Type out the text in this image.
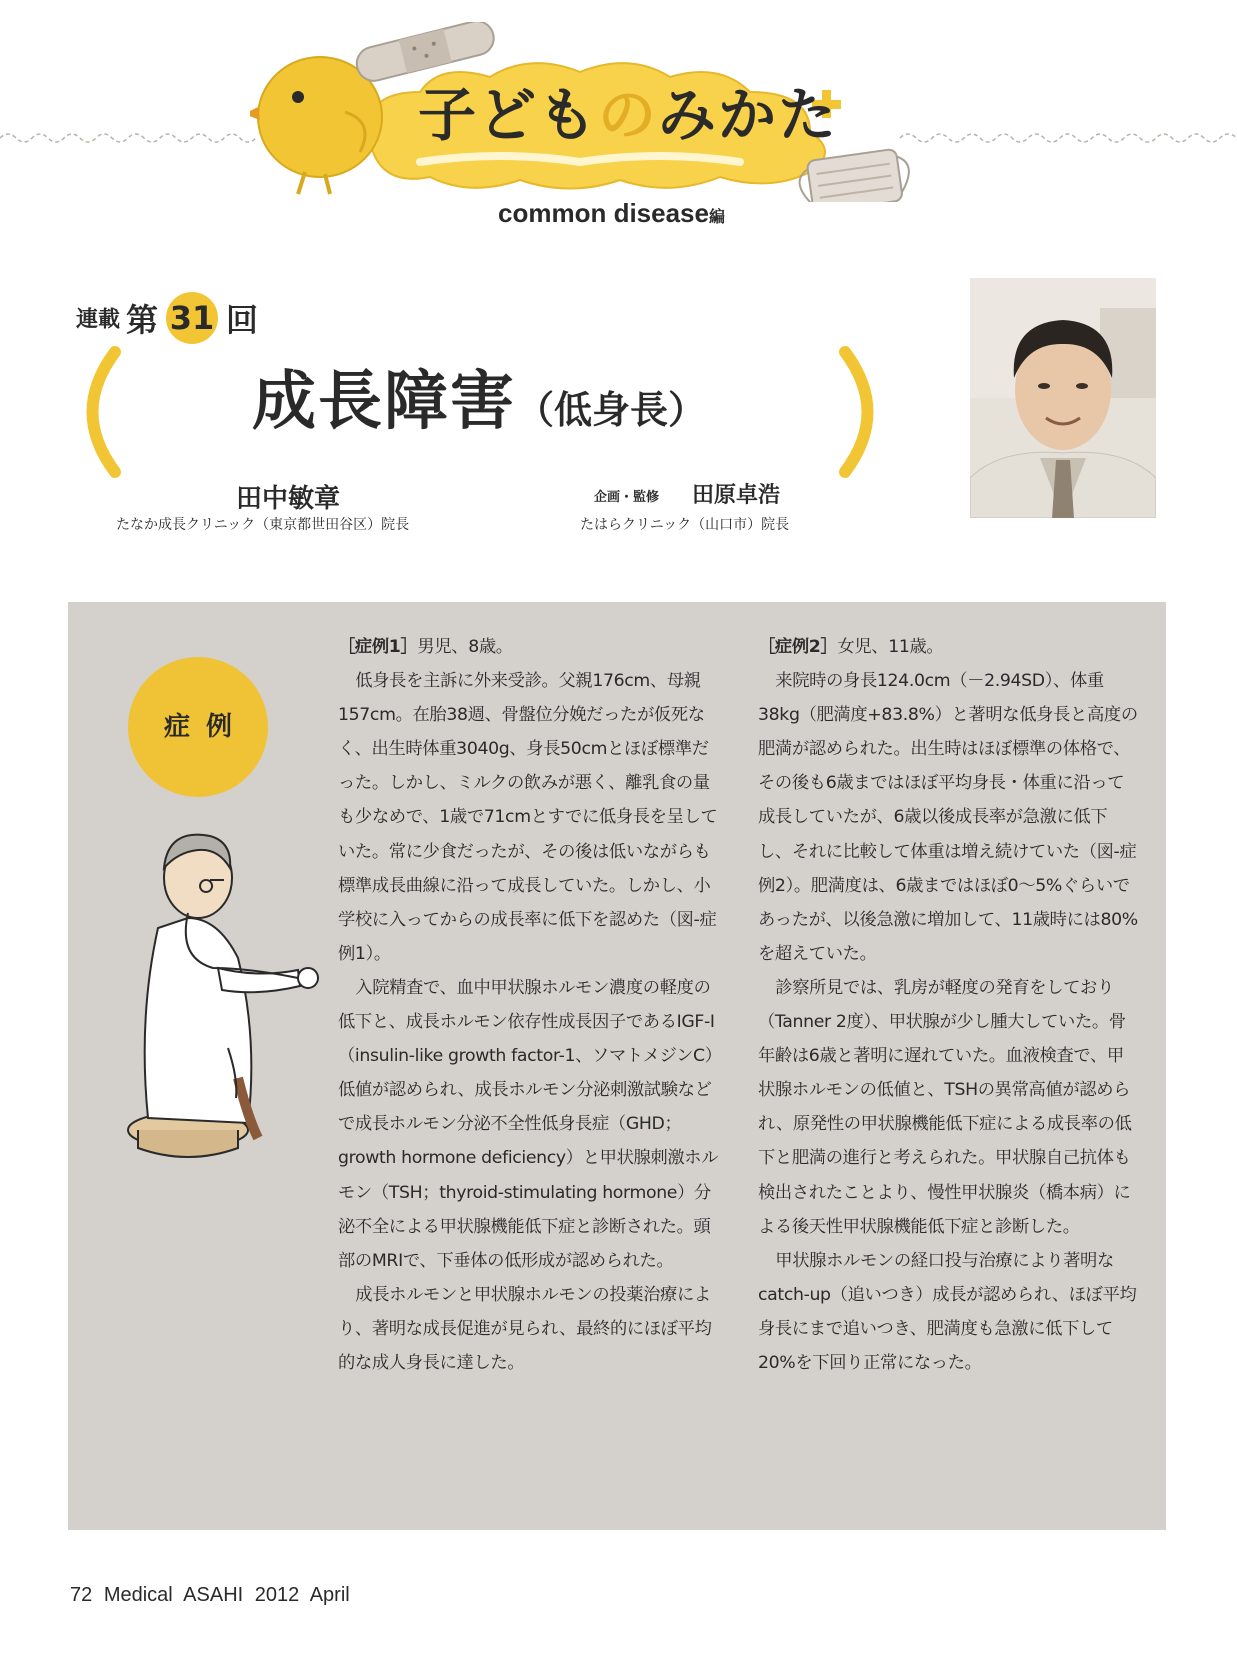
子どものみかた
common disease編
連載 第 31 回
成長障害（低身長）
田中敏章
たなか成長クリニック（東京都世田谷区）院長
企画・監修 田原卓浩
たはらクリニック（山口市）院長
症例

［症例1］男児、8歳。

低身長を主訴に外来受診。父親176cm、母親157cm。在胎38週、骨盤位分娩だったが仮死なく、出生時体重3040g、身長50cmとほぼ標準だった。しかし、ミルクの飲みが悪く、離乳食の量も少なめで、1歳で71cmとすでに低身長を呈していた。常に少食だったが、その後は低いながらも標準成長曲線に沿って成長していた。しかし、小学校に入ってからの成長率に低下を認めた（図-症例1）。

入院精査で、血中甲状腺ホルモン濃度の軽度の低下と、成長ホルモン依存性成長因子であるIGF-I（insulin-like growth factor-1、ソマトメジンC）低値が認められ、成長ホルモン分泌刺激試験などで成長ホルモン分泌不全性低身長症（GHD；growth hormone deficiency）と甲状腺刺激ホルモン（TSH；thyroid-stimulating hormone）分泌不全による甲状腺機能低下症と診断された。頭部のMRIで、下垂体の低形成が認められた。

成長ホルモンと甲状腺ホルモンの投薬治療により、著明な成長促進が見られ、最終的にほぼ平均的な成人身長に達した。

［症例2］女児、11歳。

来院時の身長124.0cm（－2.94SD）、体重38kg（肥満度+83.8%）と著明な低身長と高度の肥満が認められた。出生時はほぼ標準の体格で、その後も6歳まではほぼ平均身長・体重に沿って成長していたが、6歳以後成長率が急激に低下し、それに比較して体重は増え続けていた（図-症例2）。肥満度は、6歳まではほぼ0～5%ぐらいであったが、以後急激に増加して、11歳時には80%を超えていた。

診察所見では、乳房が軽度の発育をしており（Tanner 2度）、甲状腺が少し腫大していた。骨年齢は6歳と著明に遅れていた。血液検査で、甲状腺ホルモンの低値と、TSHの異常高値が認められ、原発性の甲状腺機能低下症による成長率の低下と肥満の進行と考えられた。甲状腺自己抗体も検出されたことより、慢性甲状腺炎（橋本病）による後天性甲状腺機能低下症と診断した。

甲状腺ホルモンの経口投与治療により著明なcatch-up（追いつき）成長が認められ、ほぼ平均身長にまで追いつき、肥満度も急激に低下して20%を下回り正常になった。

72 Medical ASAHI 2012 April
